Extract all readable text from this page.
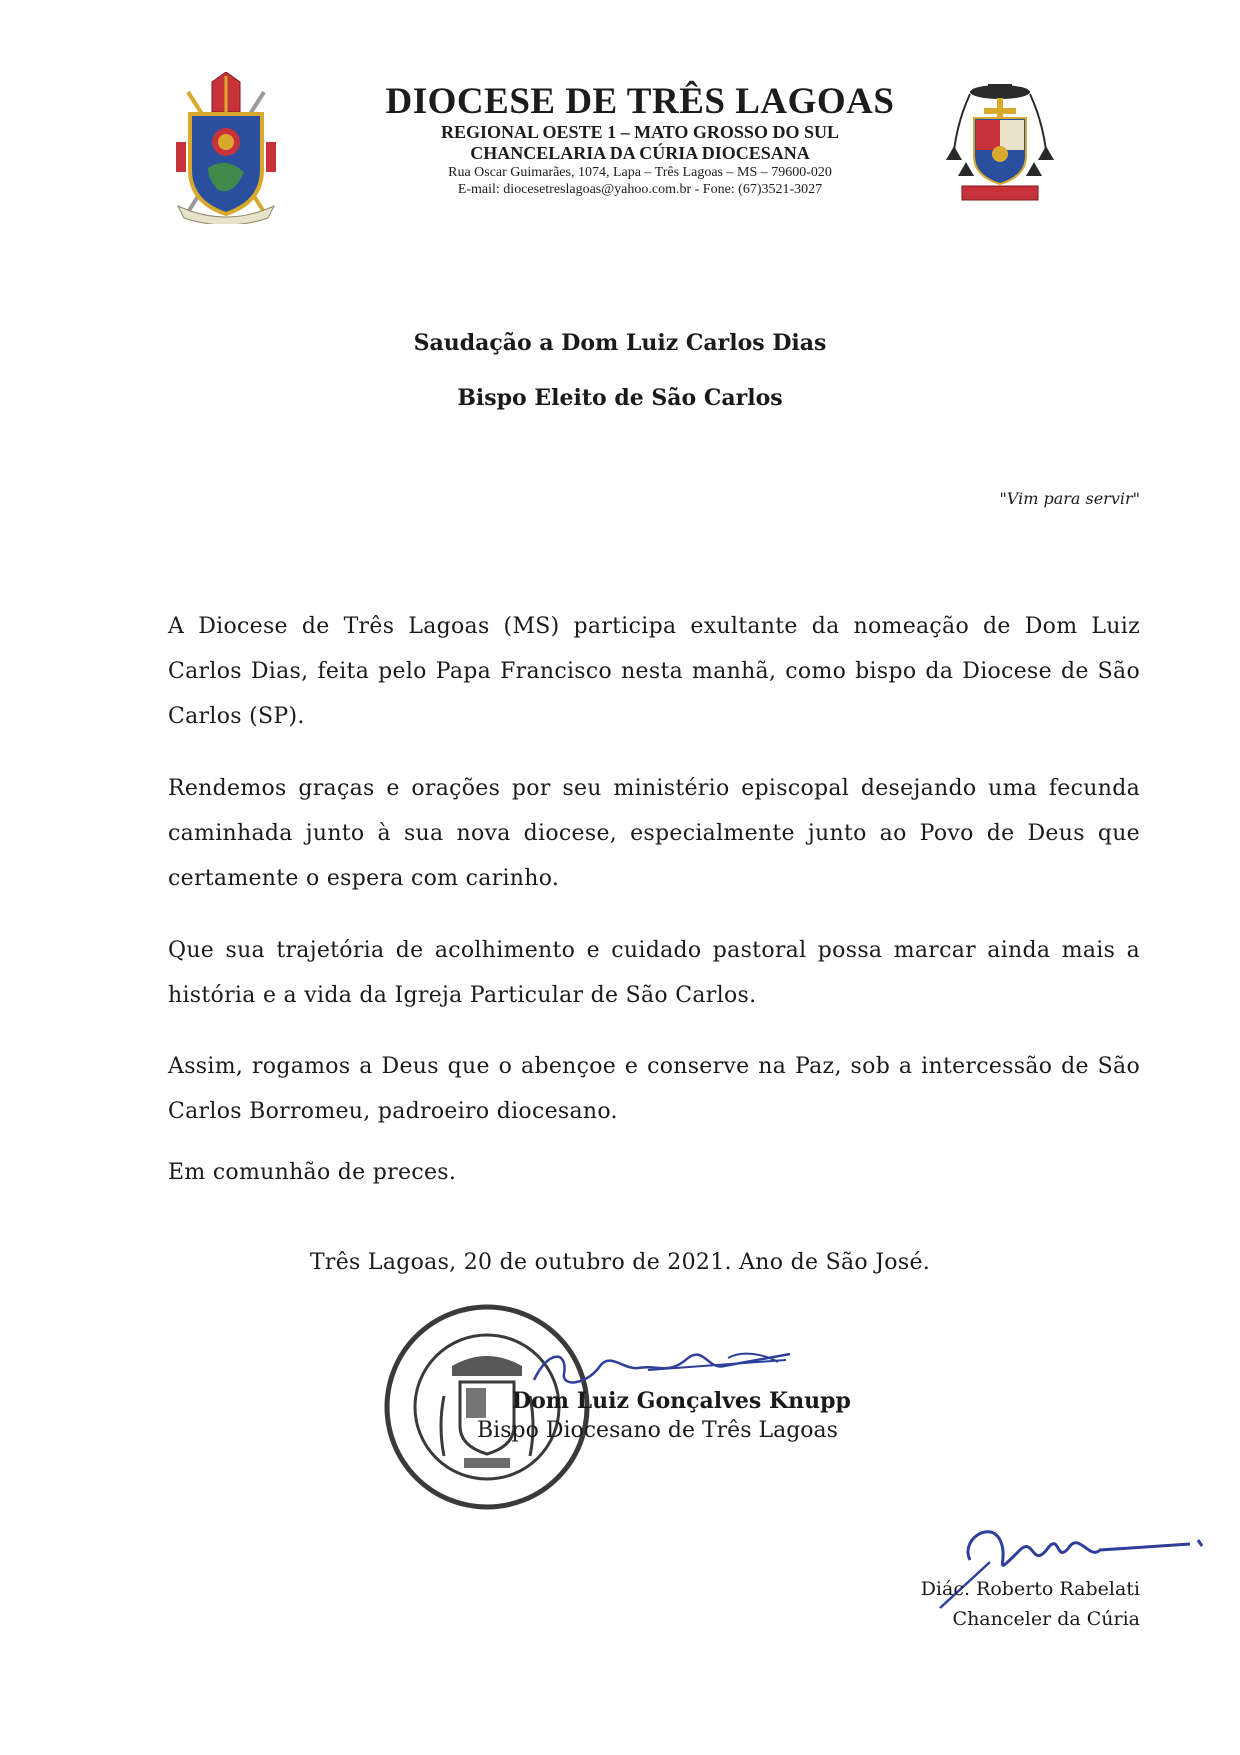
DIOCESE DE TRÊS LAGOAS
REGIONAL OESTE 1 – MATO GROSSO DO SUL
CHANCELARIA DA CÚRIA DIOCESANA
Rua Oscar Guimarães, 1074, Lapa – Três Lagoas – MS – 79600-020
E-mail: diocesetreslagoas@yahoo.com.br - Fone: (67)3521-3027
Saudação a Dom Luiz Carlos Dias
Bispo Eleito de São Carlos
"Vim para servir"

A Diocese de Três Lagoas (MS) participa exultante da nomeação de Dom Luiz Carlos Dias, feita pelo Papa Francisco nesta manhã, como bispo da Diocese de São Carlos (SP).

Rendemos graças e orações por seu ministério episcopal desejando uma fecunda caminhada junto à sua nova diocese, especialmente junto ao Povo de Deus que certamente o espera com carinho.

Que sua trajetória de acolhimento e cuidado pastoral possa marcar ainda mais a história e a vida da Igreja Particular de São Carlos.

Assim, rogamos a Deus que o abençoe e conserve na Paz, sob a intercessão de São Carlos Borromeu, padroeiro diocesano.

Em comunhão de preces.

Três Lagoas, 20 de outubro de 2021. Ano de São José.
Dom Luiz Gonçalves Knupp
Bispo Diocesano de Três Lagoas
Diác. Roberto Rabelati
Chanceler da Cúria
